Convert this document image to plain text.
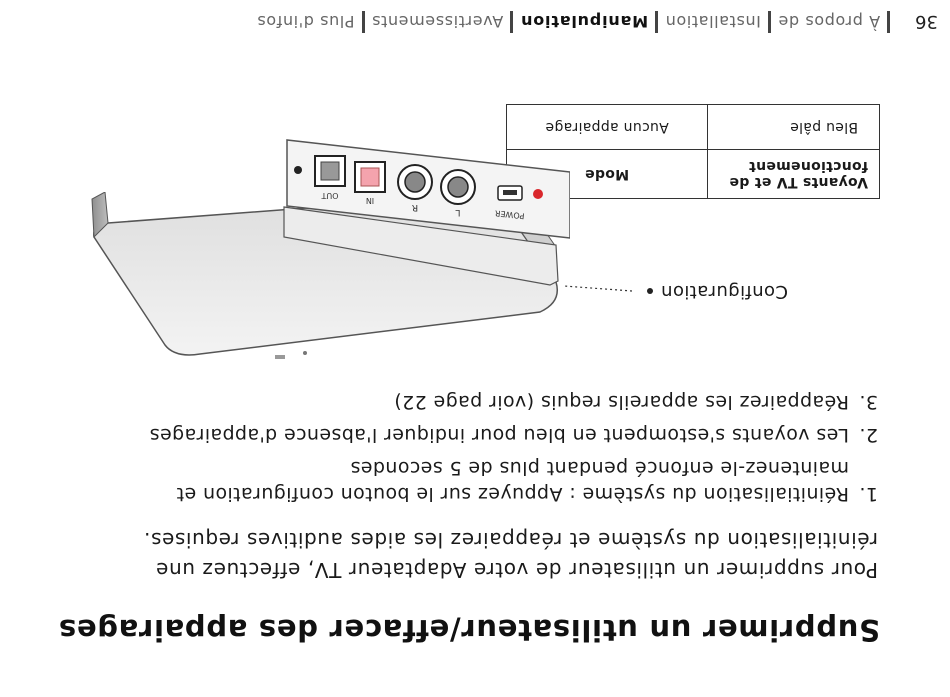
36
À propos de
Installation
Manipulation
Avertissements
Plus d'infos
Voyants TV et de fonctionement	Mode
Bleu pâle	Aucun appairage
POWER
L
R
IN
OUT
Configuration
1.
Réinitialisation du système : Appuyez sur le bouton configuration et maintenez-le enfoncé pendant plus de 5 secondes
2.
Les voyants s'estompent en bleu pour indiquer l'absence d'appairages
3.
Réappairez les appareils requis (voir page 22)

Pour supprimer un utilisateur de votre Adaptateur TV, effectuez une réinitialisation du système et réappairez les aides auditives requises.

Supprimer un utilisateur/effacer des appairages
